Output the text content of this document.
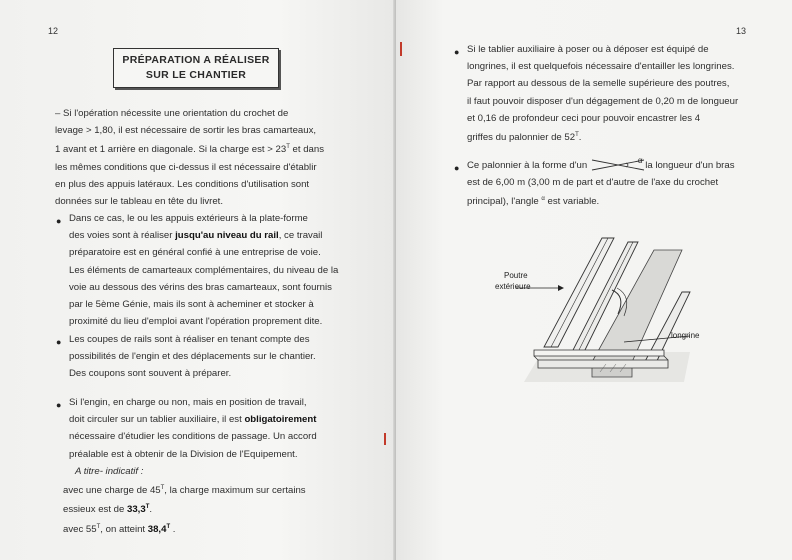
12
PRÉPARATION A RÉALISER
SUR LE CHANTIER
– Si l'opération nécessite une orientation du crochet de
levage > 1,80, il est nécessaire de sortir les bras camarteaux,
1 avant et 1 arrière en diagonale. Si la charge est > $23^T$ et dans
les mêmes conditions que ci-dessus il est nécessaire d'établir
en plus des appuis latéraux. Les conditions d'utilisation sont
données sur le tableau en tête du livret.
● Dans ce cas, le ou les appuis extérieurs à la plate-forme
des voies sont à réaliser jusqu'au niveau du rail, ce travail
préparatoire est en général confié à une entreprise de voie.
Les éléments de camarteaux complémentaires, du niveau de la
voie au dessous des vérins des bras camarteaux, sont fournis
par le 5ème Génie, mais ils sont à acheminer et stocker à
proximité du lieu d'emploi avant l'opération proprement dite.
● Les coupes de rails sont à réaliser en tenant compte des
possibilités de l'engin et des déplacements sur le chantier.
Des coupons sont souvent à préparer.
● Si l'engin, en charge ou non, mais en position de travail,
doit circuler sur un tablier auxiliaire, il est obligatoirement
nécessaire d'étudier les conditions de passage. Un accord
préalable est à obtenir de la Division de l'Equipement.
A titre- indicatif :
avec une charge de $45^T$, la charge maximum sur certains
essieux est de $33,3^T$.
avec $55^T$, on atteint $38,4^T$ .
13
● Si le tablier auxiliaire à poser ou à déposer est équipé de
longrines, il est quelquefois nécessaire d'entailler les longrines.
Par rapport au dessous de la semelle supérieure des poutres,
il faut pouvoir disposer d'un dégagement de 0,20 m de longueur
et 0,16 de profondeur ceci pour pouvoir encastrer les 4
griffes du palonnier de $52^T$.
● Ce palonnier à la forme d'un	$^\alpha$ la longueur d'un bras
est de 6,00 m (3,00 m de part et d'autre de l'axe du crochet
principal), l'angle $^\alpha$ est variable.
Poutre
extérieure
longrine
